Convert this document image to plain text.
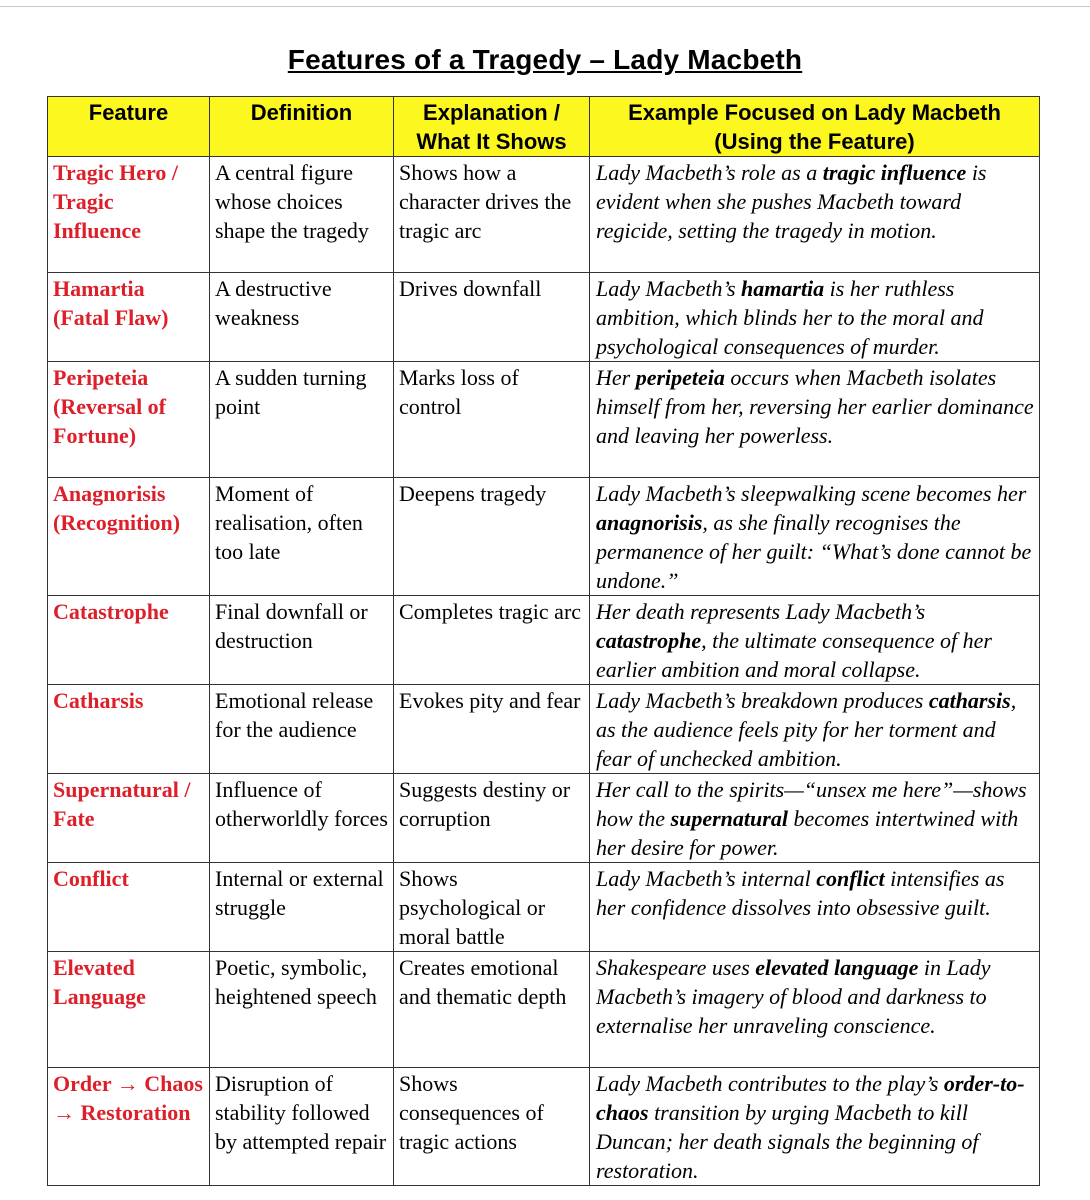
Features of a Tragedy – Lady Macbeth
Feature	Definition	Explanation / What It Shows	Example Focused on Lady Macbeth (Using the Feature)
Tragic Hero / Tragic Influence	A central figure whose choices shape the tragedy	Shows how a character drives the tragic arc	Lady Macbeth’s role as a tragic influence is evident when she pushes Macbeth toward regicide, setting the tragedy in motion.
Hamartia (Fatal Flaw)	A destructive weakness	Drives downfall	Lady Macbeth’s hamartia is her ruthless ambition, which blinds her to the moral and psychological consequences of murder.
Peripeteia (Reversal of Fortune)	A sudden turning point	Marks loss of control	Her peripeteia occurs when Macbeth isolates himself from her, reversing her earlier dominance and leaving her powerless.
Anagnorisis (Recognition)	Moment of realisation, often too late	Deepens tragedy	Lady Macbeth’s sleepwalking scene becomes her anagnorisis, as she finally recognises the permanence of her guilt: “What’s done cannot be undone.”
Catastrophe	Final downfall or destruction	Completes tragic arc	Her death represents Lady Macbeth’s catastrophe, the ultimate consequence of her earlier ambition and moral collapse.
Catharsis	Emotional release for the audience	Evokes pity and fear	Lady Macbeth’s breakdown produces catharsis, as the audience feels pity for her torment and fear of unchecked ambition.
Supernatural / Fate	Influence of otherworldly forces	Suggests destiny or corruption	Her call to the spirits—“unsex me here”—shows how the supernatural becomes intertwined with her desire for power.
Conflict	Internal or external struggle	Shows psychological or moral battle	Lady Macbeth’s internal conflict intensifies as her confidence dissolves into obsessive guilt.
Elevated Language	Poetic, symbolic, heightened speech	Creates emotional and thematic depth	Shakespeare uses elevated language in Lady Macbeth’s imagery of blood and darkness to externalise her unraveling conscience.
Order → Chaos → Restoration	Disruption of stability followed by attempted repair	Shows consequences of tragic actions	Lady Macbeth contributes to the play’s order-to-chaos transition by urging Macbeth to kill Duncan; her death signals the beginning of restoration.
